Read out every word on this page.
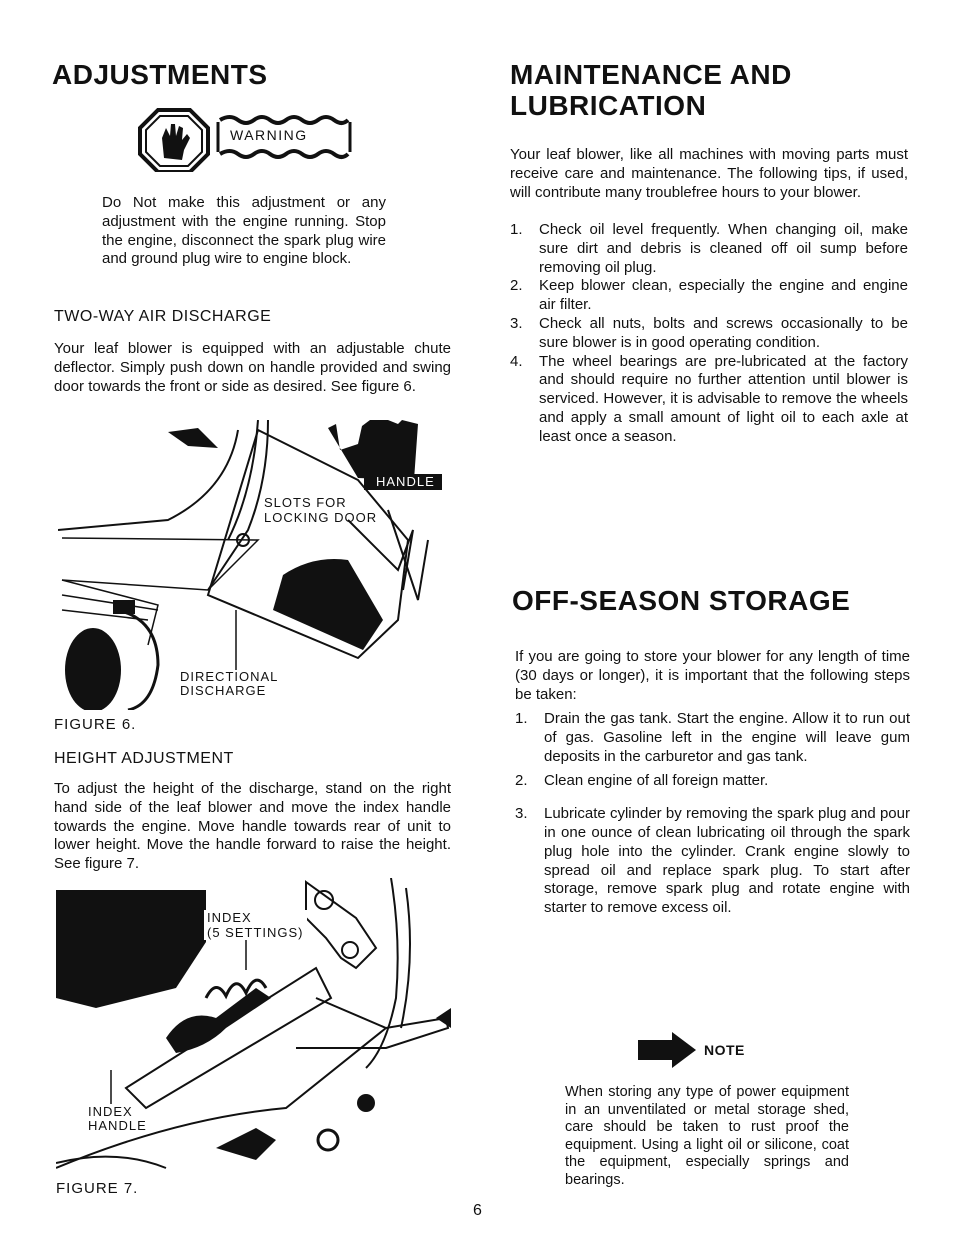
ADJUSTMENTS
WARNING

Do Not make this adjustment or any adjustment with the engine running. Stop the engine, disconnect the spark plug wire and ground plug wire to engine block.

TWO-WAY AIR DISCHARGE

Your leaf blower is equipped with an adjustable chute deflector. Simply push down on handle provided and swing door towards the front or side as desired. See figure 6.

HANDLE
SLOTS FOR
LOCKING DOOR
DIRECTIONAL
DISCHARGE
FIGURE 6.
HEIGHT ADJUSTMENT

To adjust the height of the discharge, stand on the right hand side of the leaf blower and move the index handle towards the engine. Move handle towards rear of unit to lower height. Move the handle forward to raise the height. See figure 7.

INDEX
(5 SETTINGS)
INDEX
HANDLE
FIGURE 7.
6
MAINTENANCE AND
LUBRICATION

Your leaf blower, like all machines with moving parts must receive care and maintenance. The following tips, if used, will contribute many troublefree hours to your blower.

1. Check oil level frequently. When changing oil, make sure dirt and debris is cleaned off oil sump before removing oil plug.
2. Keep blower clean, especially the engine and engine air filter.
3. Check all nuts, bolts and screws occasionally to be sure blower is in good operating condition.
4. The wheel bearings are pre-lubricated at the factory and should require no further attention until blower is serviced. However, it is advisable to remove the wheels and apply a small amount of light oil to each axle at least once a season.
OFF-SEASON STORAGE

If you are going to store your blower for any length of time (30 days or longer), it is important that the following steps be taken:

1. Drain the gas tank. Start the engine. Allow it to run out of gas. Gasoline left in the engine will leave gum deposits in the carburetor and gas tank.
2. Clean engine of all foreign matter.
3. Lubricate cylinder by removing the spark plug and pour in one ounce of clean lubricating oil through the spark plug hole into the cylinder. Crank engine slowly to spread oil and replace spark plug. To start after storage, remove spark plug and rotate engine with starter to remove excess oil.
NOTE

When storing any type of power equipment in an unventilated or metal storage shed, care should be taken to rust proof the equipment. Using a light oil or silicone, coat the equipment, especially springs and bearings.
